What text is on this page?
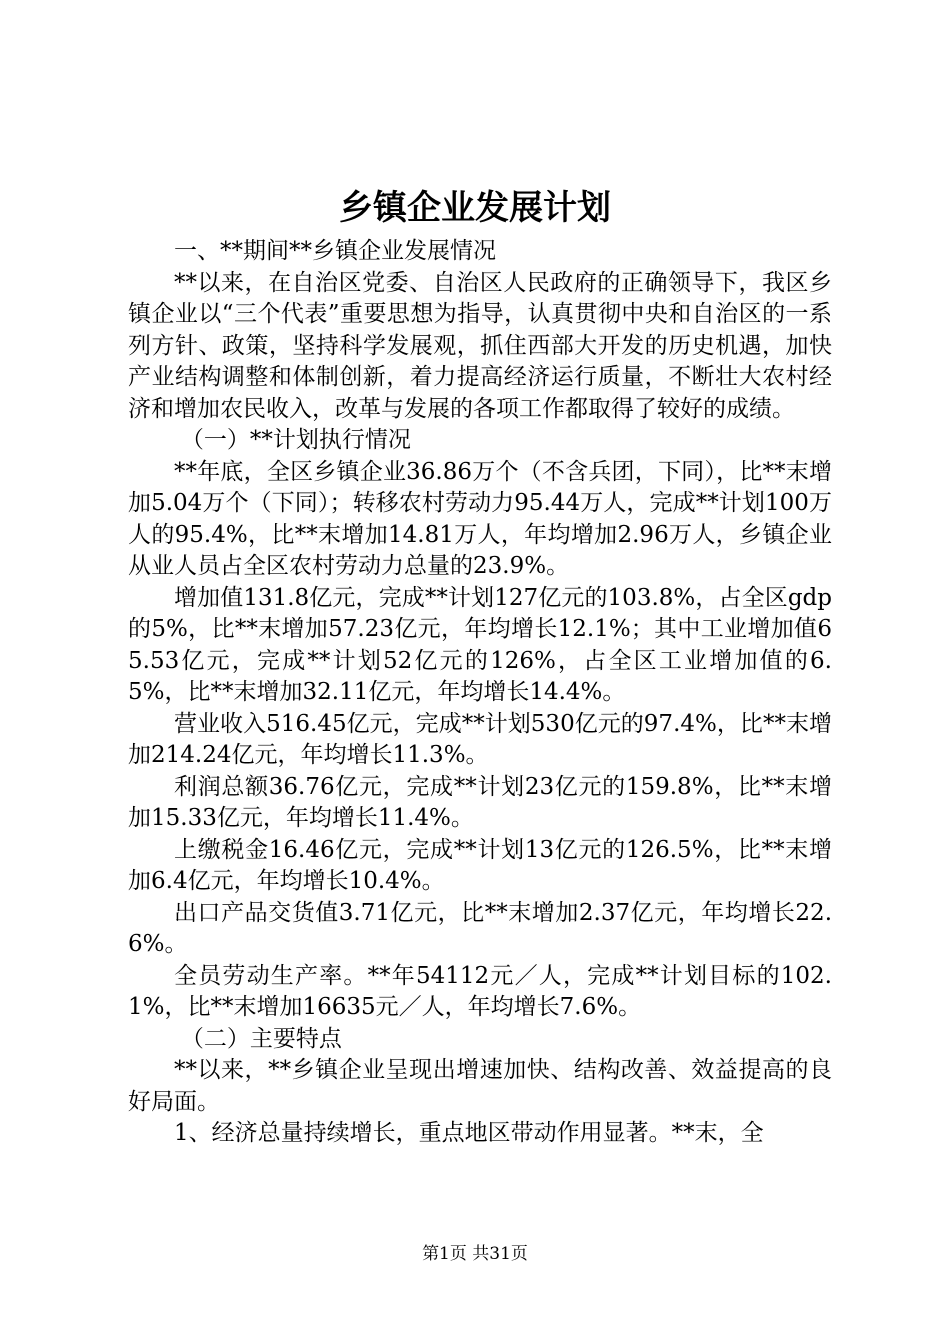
乡镇企业发展计划

一、**期间**乡镇企业发展情况

**以来，在自治区党委、自治区人民政府的正确领导下，我区乡镇企业以“三个代表”重要思想为指导，认真贯彻中央和自治区的一系列方针、政策，坚持科学发展观，抓住西部大开发的历史机遇，加快产业结构调整和体制创新，着力提高经济运行质量，不断壮大农村经济和增加农民收入，改革与发展的各项工作都取得了较好的成绩。

（一）**计划执行情况

**年底，全区乡镇企业36.86万个（不含兵团，下同），比**末增加5.04万个（下同）；转移农村劳动力95.44万人，完成**计划100万人的95.4%，比**末增加14.81万人，年均增加2.96万人，乡镇企业从业人员占全区农村劳动力总量的23.9%。

增加值131.8亿元，完成**计划127亿元的103.8%，占全区gdp的5%，比**末增加57.23亿元，年均增长12.1%；其中工业增加值65.53亿元，完成**计划52亿元的126%，占全区工业增加值的6.5%，比**末增加32.11亿元，年均增长14.4%。

营业收入516.45亿元，完成**计划530亿元的97.4%，比**末增加214.24亿元，年均增长11.3%。

利润总额36.76亿元，完成**计划23亿元的159.8%，比**末增加15.33亿元，年均增长11.4%。

上缴税金16.46亿元，完成**计划13亿元的126.5%，比**末增加6.4亿元，年均增长10.4%。

出口产品交货值3.71亿元，比**末增加2.37亿元，年均增长22.6%。

全员劳动生产率。**年54112元／人，完成**计划目标的102.1%，比**末增加16635元／人，年均增长7.6%。

（二）主要特点

**以来，**乡镇企业呈现出增速加快、结构改善、效益提高的良好局面。

1、经济总量持续增长，重点地区带动作用显著。**末，全

第1页 共31页
